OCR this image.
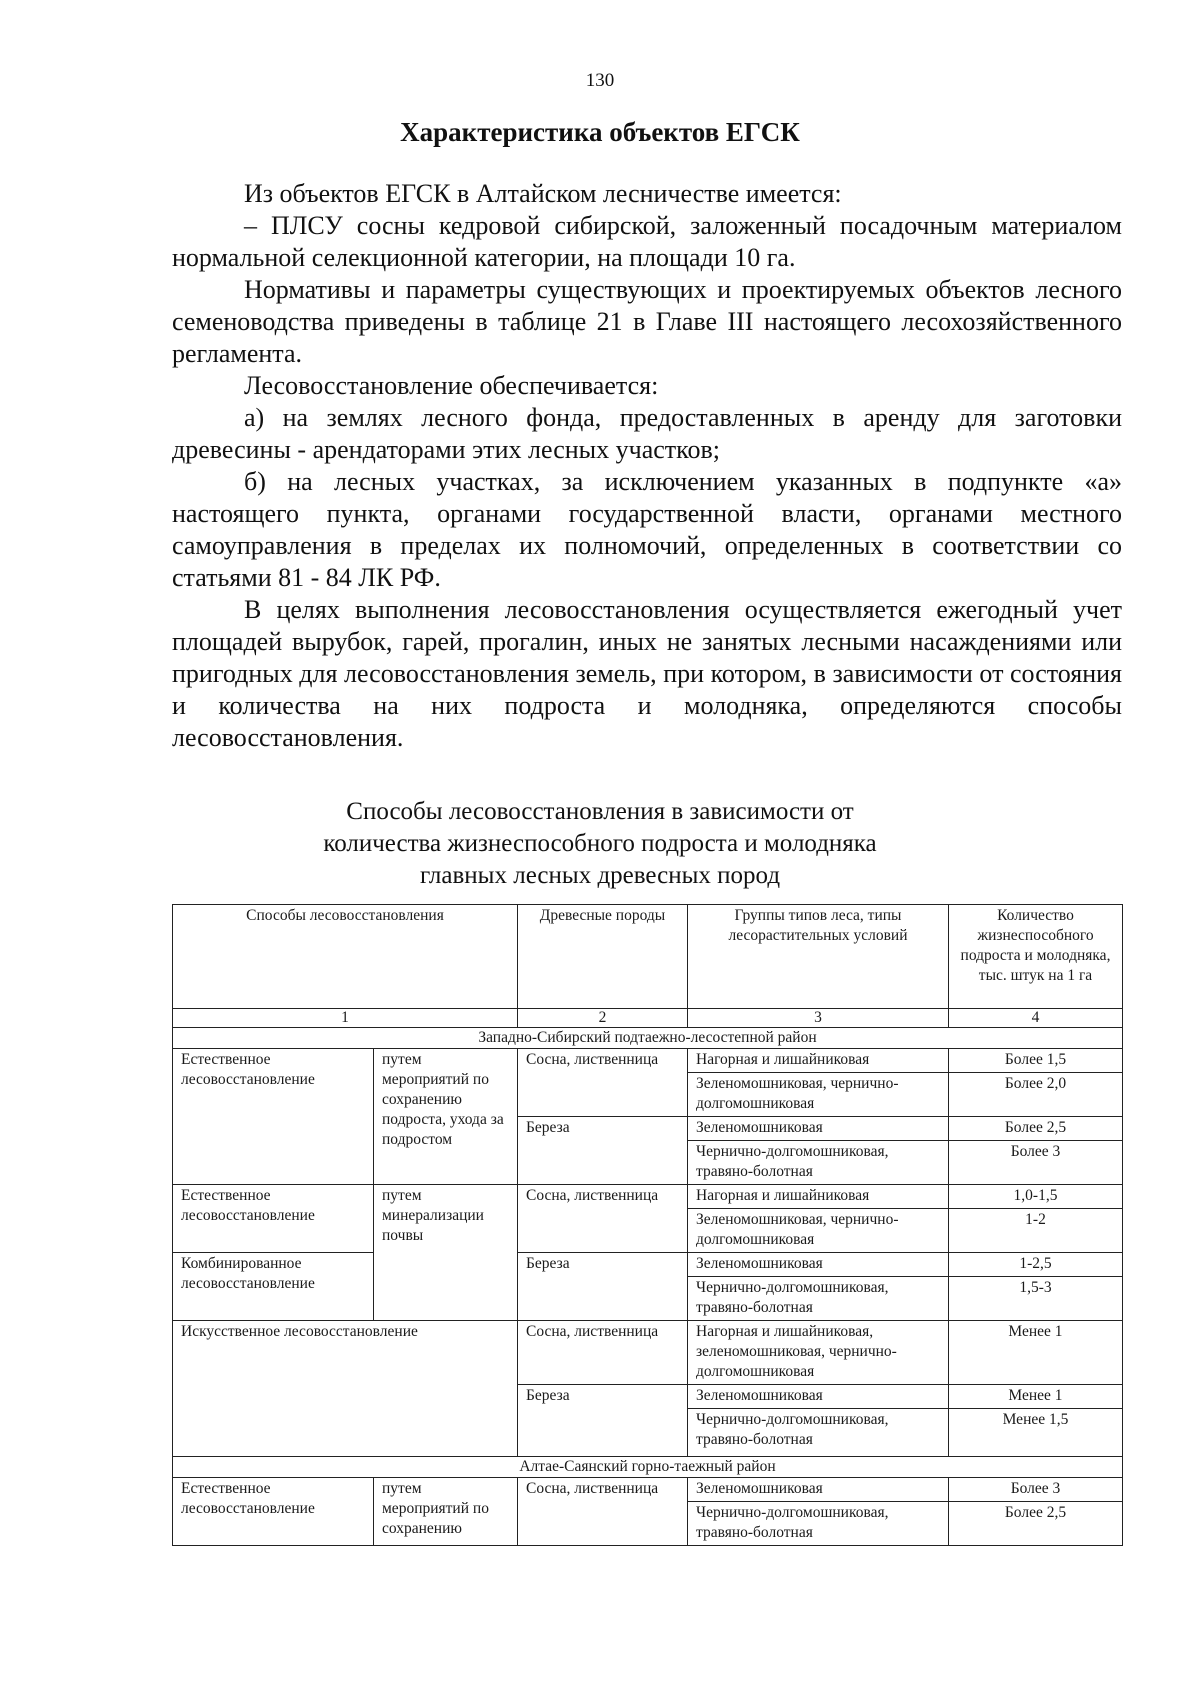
130
Характеристика объектов ЕГСК

Из объектов ЕГСК в Алтайском лесничестве имеется:

– ПЛСУ сосны кедровой сибирской, заложенный посадочным материалом нормальной селекционной категории, на площади 10 га.

Нормативы и параметры существующих и проектируемых объектов лесного семеноводства приведены в таблице 21 в Главе III настоящего лесохозяйственного регламента.

Лесовосстановление обеспечивается:

а) на землях лесного фонда, предоставленных в аренду для заготовки древесины - арендаторами этих лесных участков;

б) на лесных участках, за исключением указанных в подпункте «а» настоящего пункта, органами государственной власти, органами местного самоуправления в пределах их полномочий, определенных в соответствии со статьями 81 - 84 ЛК РФ.

В целях выполнения лесовосстановления осуществляется ежегодный учет площадей вырубок, гарей, прогалин, иных не занятых лесными насаждениями или пригодных для лесовосстановления земель, при котором, в зависимости от состояния и количества на них подроста и молодняка, определяются способы лесовосстановления.

Способы лесовосстановления в зависимости от
количества жизнеспособного подроста и молодняка
главных лесных древесных пород
Способы лесовосстановления		Древесные породы	Группы типов леса, типы лесорастительных условий	Количество жизнеспособного подроста и молодняка, тыс. штук на 1 га
1		2	3	4
Западно-Сибирский подтаежно-лесостепной район				
Естественное лесовосстановление	путем мероприятий по сохранению подроста, ухода за подростом	Сосна, лиственница	Нагорная и лишайниковая	Более 1,5
			Зеленомошниковая, чернично-долгомошниковая	Более 2,0
		Береза	Зеленомошниковая	Более 2,5
			Чернично-долгомошниковая, травяно-болотная	Более 3
Естественное лесовосстановление	путем минерализации почвы	Сосна, лиственница	Нагорная и лишайниковая	1,0-1,5
			Зеленомошниковая, чернично-долгомошниковая	1-2
Комбинированное лесовосстановление		Береза	Зеленомошниковая	1-2,5
			Чернично-долгомошниковая, травяно-болотная	1,5-3
Искусственное лесовосстановление		Сосна, лиственница	Нагорная и лишайниковая, зеленомошниковая, чернично-долгомошниковая	Менее 1
		Береза	Зеленомошниковая	Менее 1
			Чернично-долгомошниковая, травяно-болотная	Менее 1,5
Алтае-Саянский горно-таежный район				
Естественное лесовосстановление	путем мероприятий по сохранению	Сосна, лиственница	Зеленомошниковая	Более 3
			Чернично-долгомошниковая, травяно-болотная	Более 2,5
